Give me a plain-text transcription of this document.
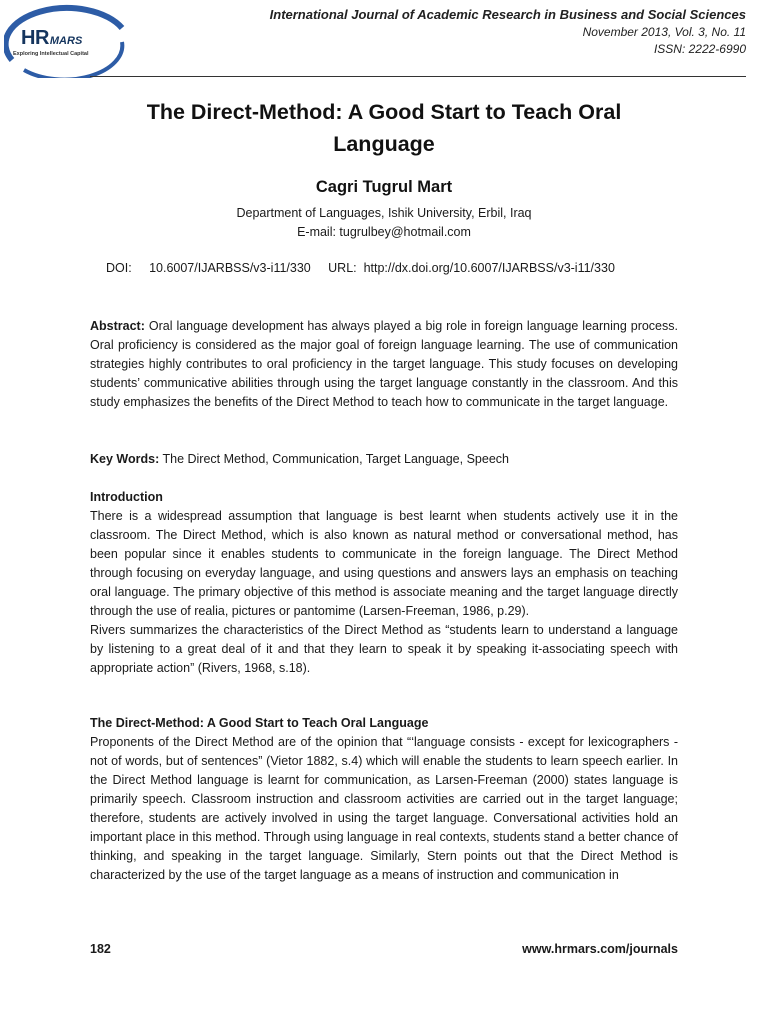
HRMARS
Exploring Intellectual Capital
International Journal of Academic Research in Business and Social Sciences
November 2013, Vol. 3, No. 11
ISSN: 2222-6990
The Direct-Method: A Good Start to Teach Oral
Language
Cagri Tugrul Mart
Department of Languages, Ishik University, Erbil, Iraq
E-mail: tugrulbey@hotmail.com
DOI: 10.6007/IJARBSS/v3-i11/330 URL: http://dx.doi.org/10.6007/IJARBSS/v3-i11/330

Abstract: Oral language development has always played a big role in foreign language learning process. Oral proficiency is considered as the major goal of foreign language learning. The use of communication strategies highly contributes to oral proficiency in the target language. This study focuses on developing students’ communicative abilities through using the target language constantly in the classroom. And this study emphasizes the benefits of the Direct Method to teach how to communicate in the target language.

Key Words: The Direct Method, Communication, Target Language, Speech

Introduction

There is a widespread assumption that language is best learnt when students actively use it in the classroom. The Direct Method, which is also known as natural method or conversational method, has been popular since it enables students to communicate in the foreign language. The Direct Method through focusing on everyday language, and using questions and answers lays an emphasis on teaching oral language. The primary objective of this method is associate meaning and the target language directly through the use of realia, pictures or pantomime (Larsen-Freeman, 1986, p.29).

Rivers summarizes the characteristics of the Direct Method as “students learn to understand a language by listening to a great deal of it and that they learn to speak it by speaking it-associating speech with appropriate action” (Rivers, 1968, s.18).

The Direct-Method: A Good Start to Teach Oral Language

Proponents of the Direct Method are of the opinion that “‘language consists - except for lexicographers - not of words, but of sentences” (Vietor 1882, s.4) which will enable the students to learn speech earlier. In the Direct Method language is learnt for communication, as Larsen-Freeman (2000) states language is primarily speech. Classroom instruction and classroom activities are carried out in the target language; therefore, students are actively involved in using the target language. Conversational activities hold an important place in this method. Through using language in real contexts, students stand a better chance of thinking, and speaking in the target language. Similarly, Stern points out that the Direct Method is characterized by the use of the target language as a means of instruction and communication in

182	www.hrmars.com/journals
